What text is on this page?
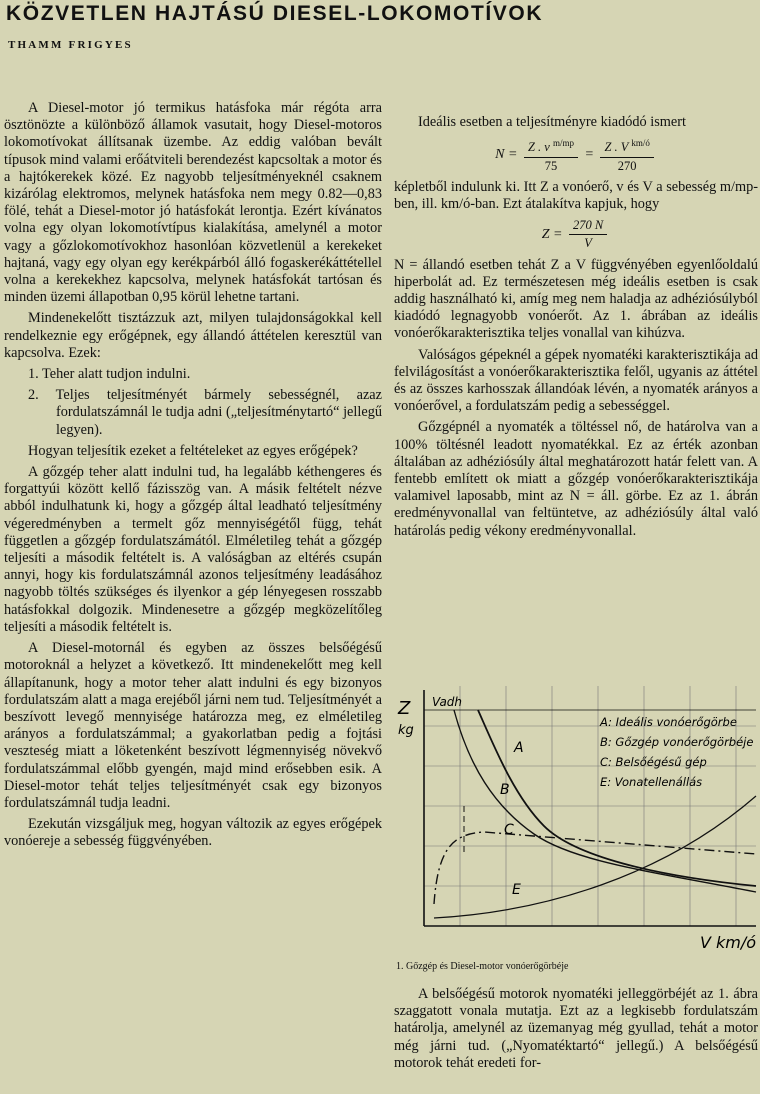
KÖZVETLEN HAJTÁSÚ DIESEL-LOKOMOTÍVOK
THAMM FRIGYES

A Diesel-motor jó termikus hatásfoka már régóta arra ösztönözte a különböző államok vasutait, hogy Diesel-motoros lokomotívokat állítsanak üzembe. Az eddig valóban bevált típusok mind valami erőátviteli berendezést kapcsoltak a motor és a hajtókerekek közé. Ez nagyobb teljesítményeknél csaknem kizárólag elektromos, melynek hatásfoka nem megy 0.82—0,83 fölé, tehát a Diesel-motor jó hatásfokát lerontja. Ezért kívánatos volna egy olyan lokomotívtípus kialakítása, amelynél a motor vagy a gőzlokomotívokhoz hasonlóan közvetlenül a kerekeket hajtaná, vagy egy olyan egy kerékpárból álló fogaskerékáttétellel volna a kerekekhez kapcsolva, melynek hatásfokát tartósan és minden üzemi állapotban 0,95 körül lehetne tartani.

Mindenekelőtt tisztázzuk azt, milyen tulajdonságokkal kell rendelkeznie egy erőgépnek, egy állandó áttételen keresztül van kapcsolva. Ezek:

1. Teher alatt tudjon indulni.

2. Teljes teljesítményét bármely sebességnél, azaz fordulatszámnál le tudja adni („teljesítménytartó“ jellegű legyen).

Hogyan teljesítik ezeket a feltételeket az egyes erőgépek?

A gőzgép teher alatt indulni tud, ha legalább kéthengeres és forgattyúi között kellő fázisszög van. A másik feltételt nézve abból indulhatunk ki, hogy a gőzgép által leadható teljesítmény végeredményben a termelt gőz mennyiségétől függ, tehát független a gőzgép fordulatszámától. Elméletileg tehát a gőzgép teljesíti a második feltételt is. A valóságban az eltérés csupán annyi, hogy kis fordulatszámnál azonos teljesítmény leadásához nagyobb töltés szükséges és ilyenkor a gép lényegesen rosszabb hatásfokkal dolgozik. Mindenesetre a gőzgép megközelítőleg teljesíti a második feltételt is.

A Diesel-motornál és egyben az összes belsőégésű motoroknál a helyzet a következő. Itt mindenekelőtt meg kell állapítanunk, hogy a motor teher alatt indulni és egy bizonyos fordulatszám alatt a maga erejéből járni nem tud. Teljesítményét a beszívott levegő mennyisége határozza meg, ez elméletileg arányos a fordulatszámmal; a gyakorlatban pedig a fojtási veszteség miatt a löketenként beszívott légmennyiség növekvő fordulatszámmal előbb gyengén, majd mind erősebben esik. A Diesel-motor tehát teljes teljesítményét csak egy bizonyos fordulatszámnál tudja leadni.

Ezekután vizsgáljuk meg, hogyan változik az egyes erőgépek vonóereje a sebesség függvényében.

Ideális esetben a teljesítményre kiadódó ismert

$N = \frac{Z . v ^{m/mp}}{75} = \frac{Z . V ^{km/ó}}{270}$

képletből indulunk ki. Itt Z a vonóerő, v és V a sebesség m/mp-ben, ill. km/ó-ban. Ezt átalakítva kapjuk, hogy

$Z = \frac{270 N}{V}$

N = állandó esetben tehát Z a V függvényében egyenlőoldalú hiperbolát ad. Ez természetesen még ideális esetben is csak addig használható ki, amíg meg nem haladja az adhéziósúlyból kiadódó legnagyobb vonóerőt. Az 1. ábrában az ideális vonóerőkarakterisztika teljes vonallal van kihúzva.

Valóságos gépeknél a gépek nyomatéki karakterisztikája ad felvilágosítást a vonóerőkarakterisztika felől, ugyanis az áttétel és az összes karhosszak állandóak lévén, a nyomaték arányos a vonóerővel, a fordulatszám pedig a sebességgel.

Gőzgépnél a nyomaték a töltéssel nő, de határolva van a 100% töltésnél leadott nyomatékkal. Ez az érték azonban általában az adhéziósúly által meghatározott határ felett van. A fentebb említett ok miatt a gőzgép vonóerőkarakterisztikája valamivel laposabb, mint az N = áll. görbe. Ez az 1. ábrán eredményvonallal van feltüntetve, az adhéziósúly által való határolás pedig vékony eredményvonallal.

Z
kg
Vadh
A
B
C
E
A: Ideális vonóerőgörbe
B: Gőzgép vonóerőgörbéje
C: Belsőégésű gép
E: Vonatellenállás
V km/ó
1. Gőzgép és Diesel-motor vonóerőgörbéje

A belsőégésű motorok nyomatéki jelleggörbéjét az 1. ábra szaggatott vonala mutatja. Ezt az a legkisebb fordulatszám határolja, amelynél az üzemanyag még gyullad, tehát a motor még járni tud. („Nyomatéktartó“ jellegű.) A belsőégésű motorok tehát eredeti for-
